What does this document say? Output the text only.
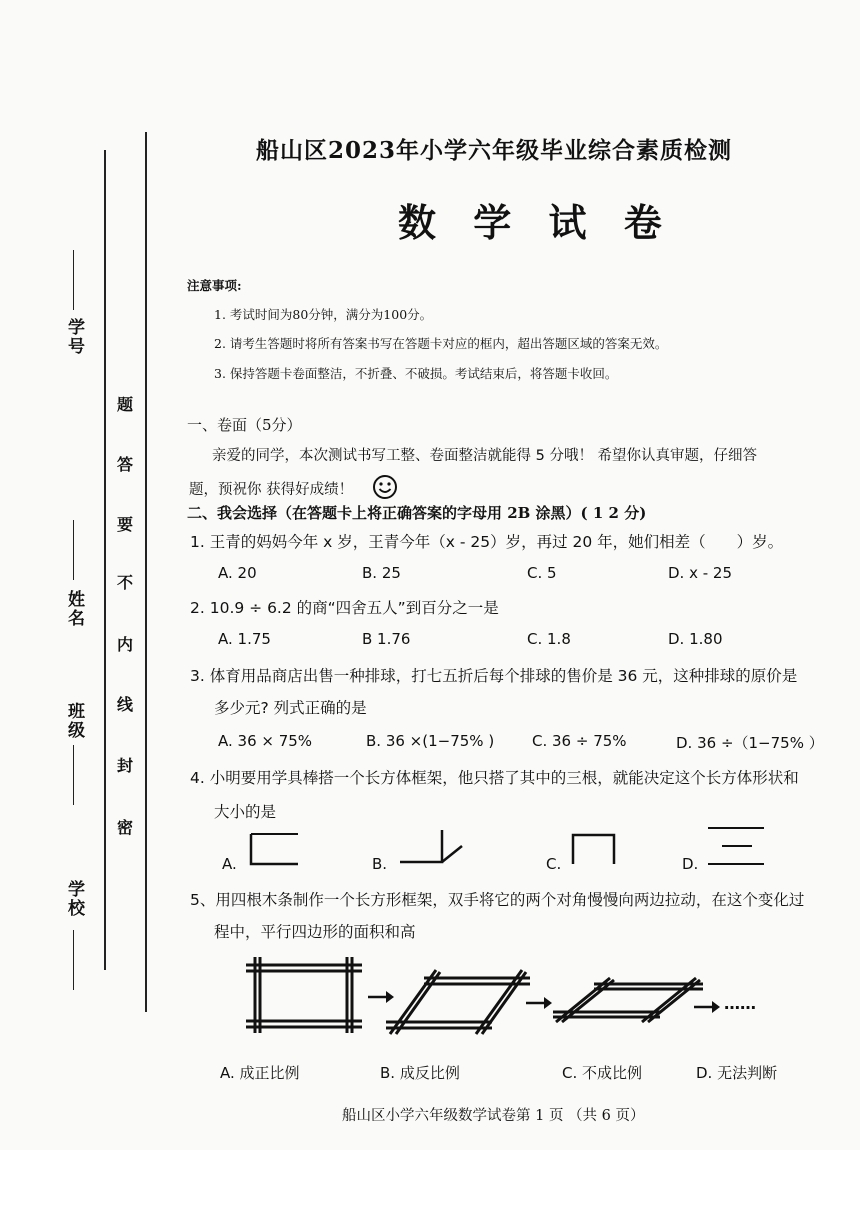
学号
姓名
班级
学校
题
答
要
不
内
线
封
密
船山区2023年小学六年级毕业综合素质检测
数 学 试 卷
注意事项:
1. 考试时间为80分钟，满分为100分。
2. 请考生答题时将所有答案书写在答题卡对应的框内，超出答题区域的答案无效。
3. 保持答题卡卷面整洁，不折叠、不破损。考试结束后，将答题卡收回。
一、卷面（5分）
亲爱的同学，本次测试书写工整、卷面整洁就能得 5 分哦！ 希望你认真审题，仔细答
题，预祝你 获得好成绩！
二、我会选择（在答题卡上将正确答案的字母用 2B 涂黑）( 1 2 分)
1. 王青的妈妈今年 x 岁，王青今年（x - 25）岁，再过 20 年，她们相差（　　）岁。
A. 20	B. 25	C. 5	D. x - 25
2. 10.9 ÷ 6.2 的商“四舍五人”到百分之一是
A. 1.75	B 1.76	C. 1.8	D. 1.80
3. 体育用品商店出售一种排球，打七五折后每个排球的售价是 36 元，这种排球的原价是
多少元? 列式正确的是
A. 36 × 75%	B. 36 ×(1−75% )	C. 36 ÷ 75%	D. 36 ÷（1−75% ）
4. 小明要用学具棒搭一个长方体框架，他只搭了其中的三根，就能决定这个长方体形状和
大小的是
A.	B.	C.	D.
5、用四根木条制作一个长方形框架，双手将它的两个对角慢慢向两边拉动，在这个变化过
程中，平行四边形的面积和高
……
A. 成正比例	B. 成反比例	C. 不成比例	D. 无法判断
船山区小学六年级数学试卷第 1 页 （共 6 页）
